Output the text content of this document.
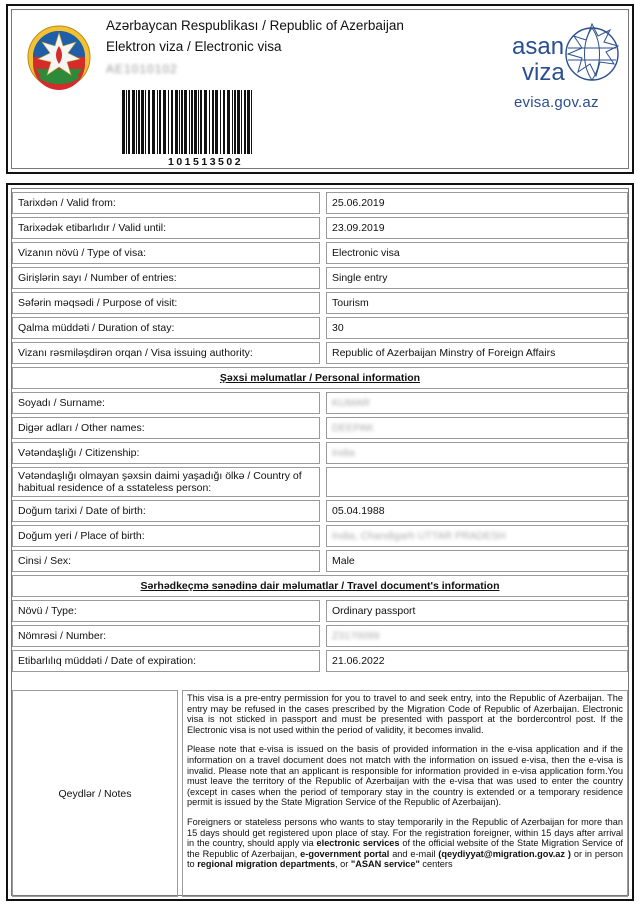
Azərbaycan Respublikası / Republic of Azerbaijan
Elektron viza / Electronic visa
AE1010102
101513502
asan
viza
evisa.gov.az
Tarixdən / Valid from:		25.06.2019
Tarixədək etibarlıdır / Valid until:		23.09.2019
Vizanın növü / Type of visa:		Electronic visa
Girişlərin sayı / Number of entries:		Single entry
Səfərin məqsədi / Purpose of visit:		Tourism
Qalma müddəti / Duration of stay:		30
Vizanı rəsmiləşdirən orqan / Visa issuing authority:		Republic of Azerbaijan Minstry of Foreign Affairs
Şəxsi məlumatlar / Personal information		
Soyadı / Surname:		KUMAR
Digər adları / Other names:		DEEPAK
Vətəndaşlığı / Citizenship:		India
Vətəndaşlığı olmayan şəxsin daimi yaşadığı ölkə / Country of habitual residence of a sstateless person:		
Doğum tarixi / Date of birth:		05.04.1988
Doğum yeri / Place of birth:		India, Chandigarh UTTAR PRADESH
Cinsi / Sex:		Male
Sərhədkeçmə sənədinə dair məlumatlar / Travel document's information		
Növü / Type:		Ordinary passport
Nömrəsi / Number:		Z3170099
Etibarlılıq müddəti / Date of expiration:		21.06.2022
Qeydlər / Notes

This visa is a pre-entry permission for you to travel to and seek entry, into the Republic of Azerbaijan. The entry may be refused in the cases prescribed by the Migration Code of Republic of Azerbaijan. Electronic visa is not sticked in passport and must be presented with passport at the bordercontrol post. If the Electronic visa is not used within the period of validity, it becomes invalid.

Please note that e-visa is issued on the basis of provided information in the e-visa application and if the information on a travel document does not match with the information on issued e-visa, then the e-visa is invalid. Please note that an applicant is responsible for information provided in e-visa application form.You must leave the territory of the Republic of Azerbaijan with the e-visa that was used to enter the country (except in cases when the period of temporary stay in the country is extended or a temporary residence permit is issued by the State Migration Service of the Republic of Azerbaijan).

Foreigners or stateless persons who wants to stay temporarily in the Republic of Azerbaijan for more than 15 days should get registered upon place of stay. For the registration foreigner, within 15 days after arrival in the country, should apply via electronic services of the official website of the State Migration Service of the Republic of Azerbaijan, e-government portal and e-mail (qeydiyyat@migration.gov.az ) or in person to regional migration departments, or "ASAN service" centers
